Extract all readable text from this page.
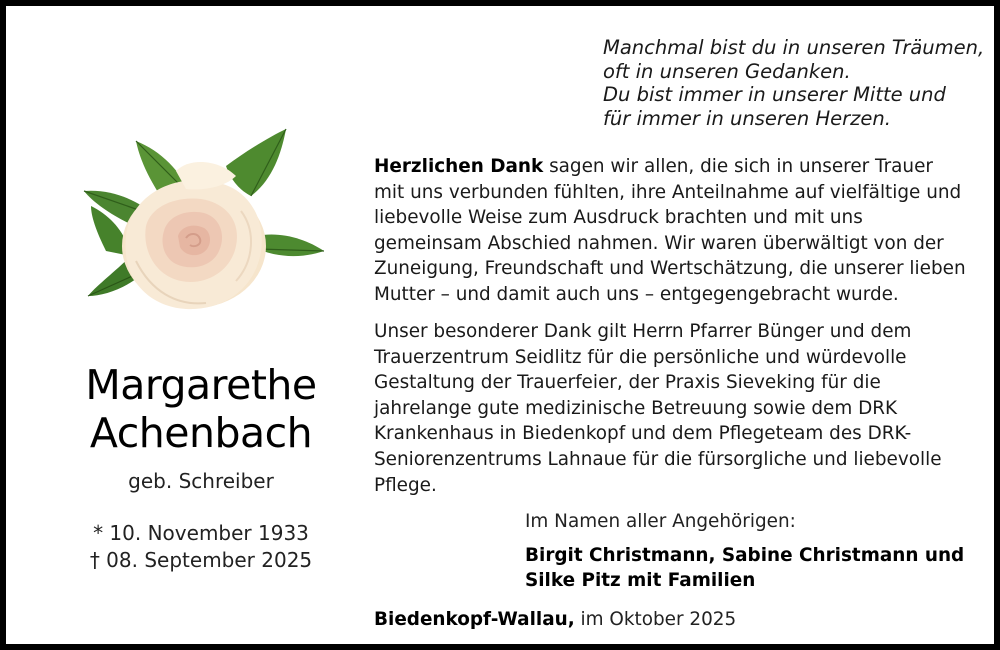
Manchmal bist du in unseren Träumen,
oft in unseren Gedanken.
Du bist immer in unserer Mitte und
für immer in unseren Herzen.
Margarethe
Achenbach
geb. Schreiber
* 10. November 1933
† 08. September 2025
Herzlichen Dank sagen wir allen, die sich in unserer Trauer
mit uns verbunden fühlten, ihre Anteilnahme auf vielfältige und
liebevolle Weise zum Ausdruck brachten und mit uns
gemeinsam Abschied nahmen. Wir waren überwältigt von der
Zuneigung, Freundschaft und Wertschätzung, die unserer lieben
Mutter – und damit auch uns – entgegengebracht wurde.
Unser besonderer Dank gilt Herrn Pfarrer Bünger und dem
Trauerzentrum Seidlitz für die persönliche und würdevolle
Gestaltung der Trauerfeier, der Praxis Sieveking für die
jahrelange gute medizinische Betreuung sowie dem DRK
Krankenhaus in Biedenkopf und dem Pflegeteam des DRK-
Seniorenzentrums Lahnaue für die fürsorgliche und liebevolle
Pflege.
Im Namen aller Angehörigen:
Birgit Christmann, Sabine Christmann und
Silke Pitz mit Familien
Biedenkopf-Wallau, im Oktober 2025
